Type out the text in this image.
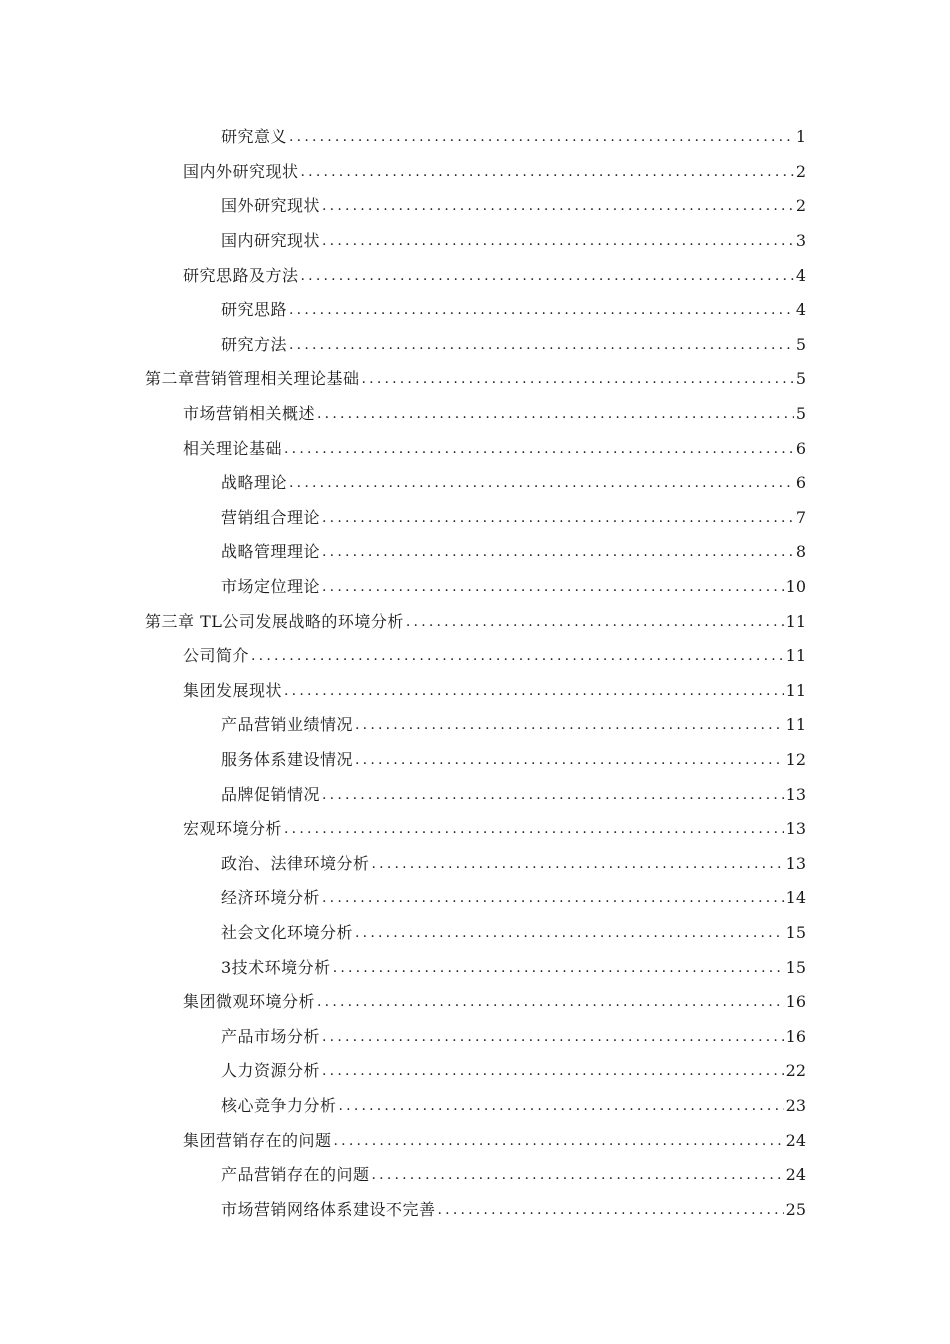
研究意义 .....	1
国内外研究现状 .....	2
国外研究现状 .....	2
国内研究现状 .....	3
研究思路及方法 .....	4
研究思路 .....	4
研究方法 .....	5
第二章营销管理相关理论基础 .....	5
市场营销相关概述 .....	5
相关理论基础 .....	6
战略理论 .....	6
营销组合理论 .....	7
战略管理理论 .....	8
市场定位理论 .....	10
第三章 TL公司发展战略的环境分析 .....	11
公司简介 .....	11
集团发展现状 .....	11
产品营销业绩情况 .....	11
服务体系建设情况 .....	12
品牌促销情况 .....	13
宏观环境分析 .....	13
政治、法律环境分析 .....	13
经济环境分析 .....	14
社会文化环境分析 .....	15
3技术环境分析 .....	15
集团微观环境分析 .....	16
产品市场分析 .....	16
人力资源分析 .....	22
核心竞争力分析 .....	23
集团营销存在的问题 .....	24
产品营销存在的问题 .....	24
市场营销网络体系建设不完善 .....	25
